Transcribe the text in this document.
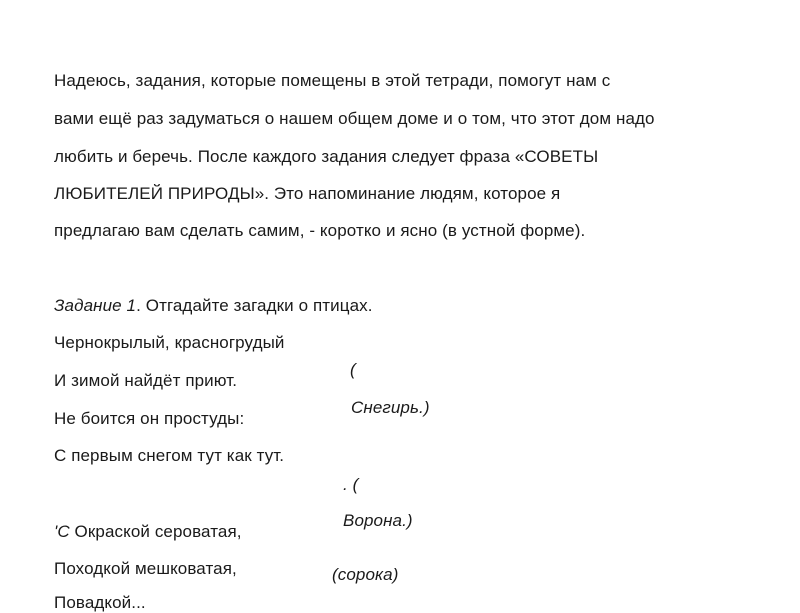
Надеюсь, задания, которые помещены в этой тетради, помогут нам с
вами ещё раз задуматься о нашем общем доме и о том, что этот дом надо
любить и беречь. После каждого задания следует фраза «СОВЕТЫ
ЛЮБИТЕЛЕЙ ПРИРОДЫ». Это напоминание людям, которое я
предлагаю вам сделать самим, - коротко и ясно (в устной форме).
Задание 1. Отгадайте загадки о птицах.
Чернокрылый, красногрудый
И зимой найдёт приют.
Не боится он простуды:
С первым снегом тут как тут.
(
Снегирь.)
. (
Ворона.)
'С Окраской сероватая,
Походкой мешковатая,
Повадкой...
(сорока)
